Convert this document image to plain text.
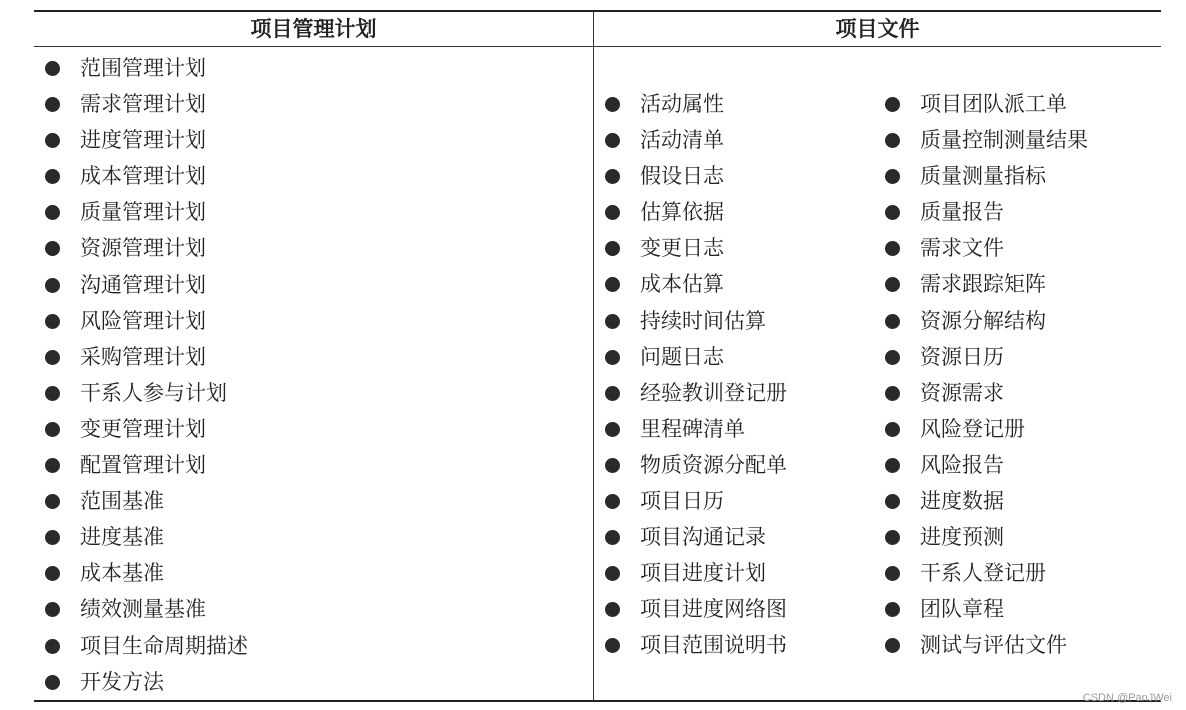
项目管理计划	项目文件
范围管理计划
需求管理计划
进度管理计划
成本管理计划
质量管理计划
资源管理计划
沟通管理计划
风险管理计划
采购管理计划
干系人参与计划
变更管理计划
配置管理计划
范围基准
进度基准
成本基准
绩效测量基准
项目生命周期描述
开发方法
活动属性
活动清单
假设日志
估算依据
变更日志
成本估算
持续时间估算
问题日志
经验教训登记册
里程碑清单
物质资源分配单
项目日历
项目沟通记录
项目进度计划
项目进度网络图
项目范围说明书
项目团队派工单
质量控制测量结果
质量测量指标
质量报告
需求文件
需求跟踪矩阵
资源分解结构
资源日历
资源需求
风险登记册
风险报告
进度数据
进度预测
干系人登记册
团队章程
测试与评估文件
CSDN @PanJWei
